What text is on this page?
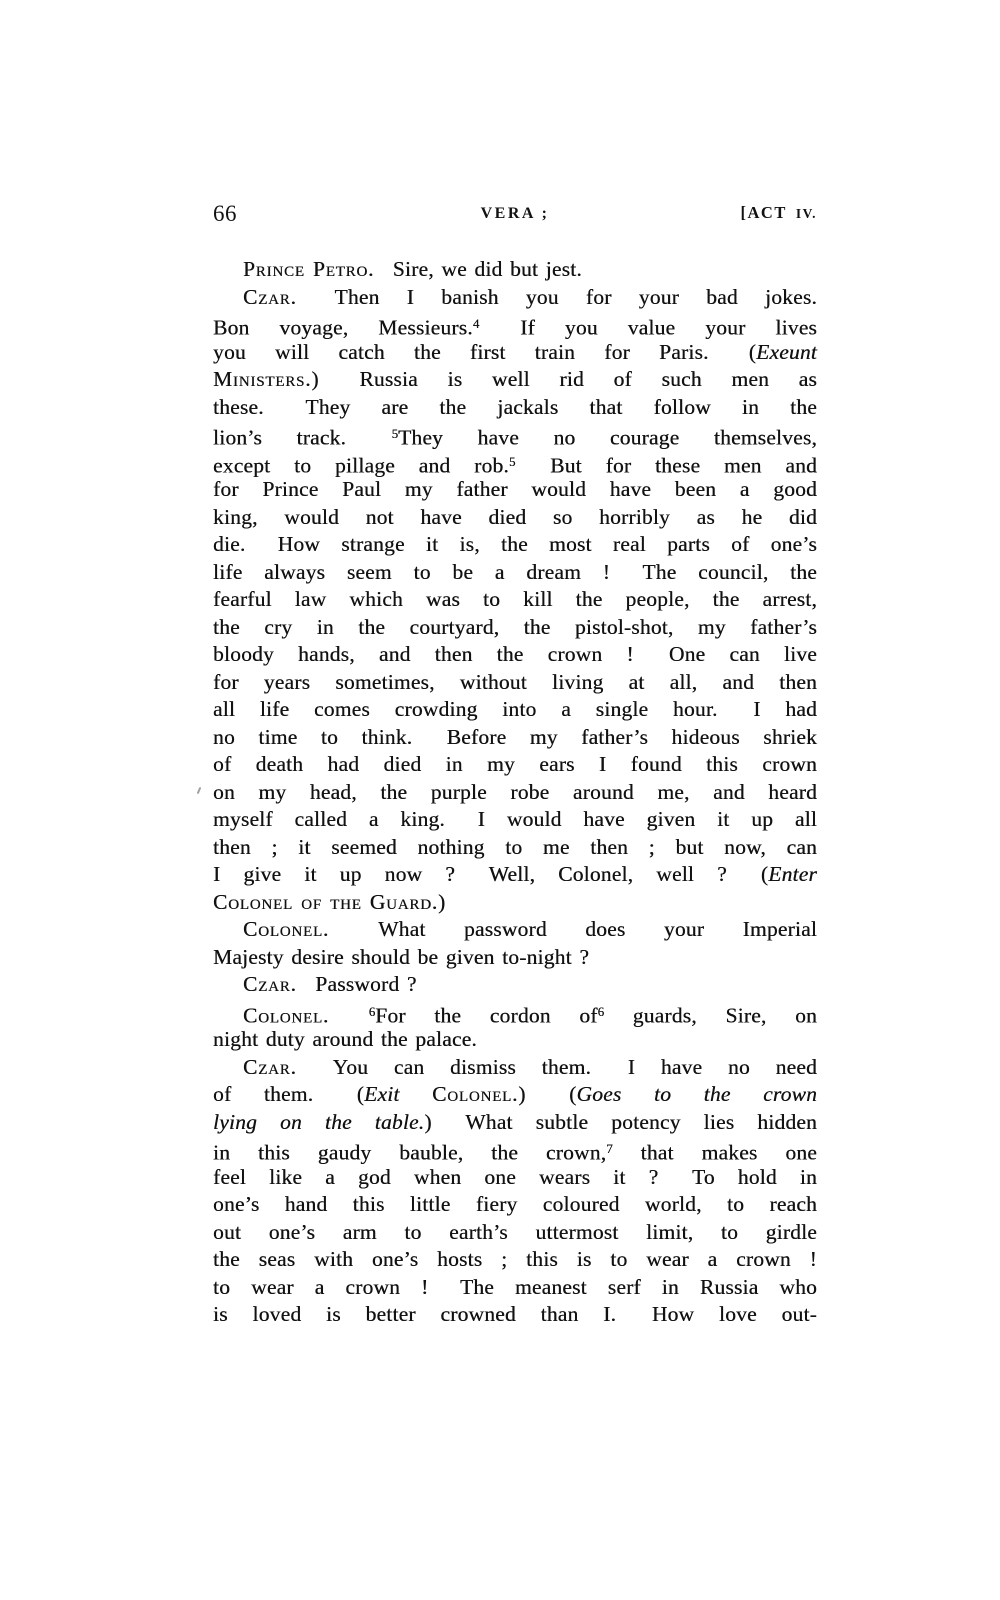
66	VERA ;	[ACT IV.
Prince Petro.  Sire, we did but jest.
Czar.  Then I banish you for your bad jokes.
Bon voyage, Messieurs.$^4$  If you value your lives
you will catch the first train for Paris.  (Exeunt
Ministers.)  Russia is well rid of such men as
these.  They are the jackals that follow in the
lion’s track.  $^5$They have no courage themselves,
except to pillage and rob.$^5$  But for these men and
for Prince Paul my father would have been a good
king, would not have died so horribly as he did
die.  How strange it is, the most real parts of one’s
life always seem to be a dream !  The council, the
fearful law which was to kill the people, the arrest,
the cry in the courtyard, the pistol-shot, my father’s
bloody hands, and then the crown !  One can live
for years sometimes, without living at all, and then
all life comes crowding into a single hour.  I had
no time to think.  Before my father’s hideous shriek
of death had died in my ears I found this crown
on my head, the purple robe around me, and heard
myself called a king.  I would have given it up all
then ; it seemed nothing to me then ; but now, can
I give it up now ?  Well, Colonel, well ?  (Enter
Colonel of the Guard.)
Colonel.  What password does your Imperial
Majesty desire should be given to-night ?
Czar.  Password ?
Colonel. 	$^6$For the cordon $of^6$ guards, Sire, on
night duty around the palace.
Czar.  You can dismiss them.  I have no need
of them.  (Exit Colonel.)  (Goes to the crown
lying on the table.)  What subtle potency lies hidden
in this gaudy bauble, the crown,$^7$ that makes one
feel like a god when one wears it ?  To hold in
one’s hand this little fiery coloured world, to reach
out one’s arm to earth’s uttermost limit, to girdle
the seas with one’s hosts ; this is to wear a crown !
to wear a crown !  The meanest serf in Russia who
is loved is better crowned than I.  How love out-
